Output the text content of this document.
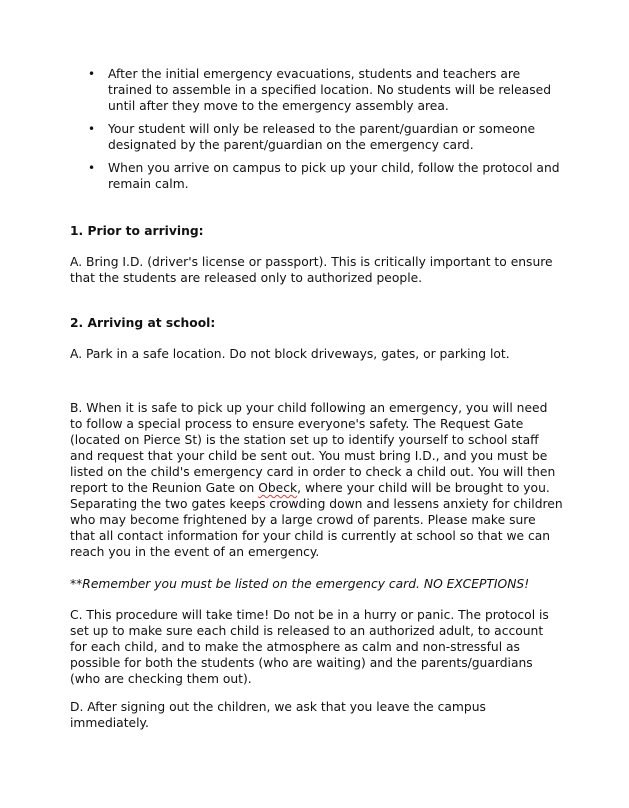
• After the initial emergency evacuations, students and teachers are trained to assemble in a specified location. No students will be released until after they move to the emergency assembly area.
• Your student will only be released to the parent/guardian or someone designated by the parent/guardian on the emergency card.
• When you arrive on campus to pick up your child, follow the protocol and remain calm.
1. Prior to arriving:

A. Bring I.D. (driver's license or passport). This is critically important to ensure that the students are released only to authorized people.

2. Arriving at school:

A. Park in a safe location. Do not block driveways, gates, or parking lot.

B. When it is safe to pick up your child following an emergency, you will need to follow a special process to ensure everyone's safety. The Request Gate (located on Pierce St) is the station set up to identify yourself to school staff and request that your child be sent out. You must bring I.D., and you must be listed on the child's emergency card in order to check a child out. You will then report to the Reunion Gate on Obeck, where your child will be brought to you. Separating the two gates keeps crowding down and lessens anxiety for children who may become frightened by a large crowd of parents. Please make sure that all contact information for your child is currently at school so that we can reach you in the event of an emergency.

**Remember you must be listed on the emergency card. NO EXCEPTIONS!

C. This procedure will take time! Do not be in a hurry or panic. The protocol is set up to make sure each child is released to an authorized adult, to account for each child, and to make the atmosphere as calm and non-stressful as possible for both the students (who are waiting) and the parents/guardians (who are checking them out).

D. After signing out the children, we ask that you leave the campus immediately.
